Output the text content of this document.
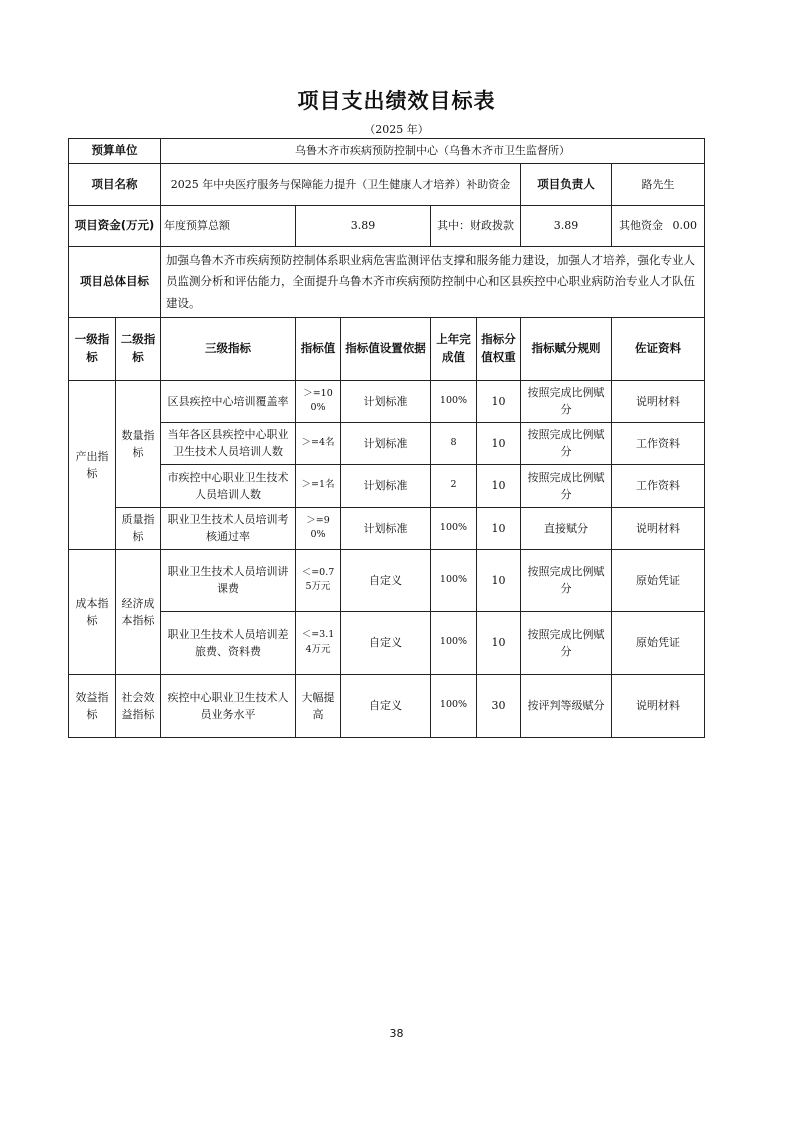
项目支出绩效目标表
（2025 年）
预算单位		乌鲁木齐市疾病预防控制中心（乌鲁木齐市卫生监督所）						
项目名称		2025 年中央医疗服务与保障能力提升（卫生健康人才培养）补助资金					项目负责人	路先生
项目资金(万元)		年度预算总额	3.89		其中：财政拨款		3.89	其他资金 0.00

项目总体目标		加强乌鲁木齐市疾病预防控制体系职业病危害监测评估支撑和服务能力建设，加强人才培养，强化专业人员监测分析和评估能力，全面提升乌鲁木齐市疾病预防控制中心和区县疾控中心职业病防治专业人才队伍建设。						
一级指标	二级指标	三级指标	指标值	指标值设置依据	上年完成值	指标分值权重	指标赋分规则	佐证资料
产出指标	数量指标	区县疾控中心培训覆盖率	＞=100%	计划标准	100%	10	按照完成比例赋分	说明材料
		当年各区县疾控中心职业卫生技术人员培训人数	＞=4名	计划标准	8	10	按照完成比例赋分	工作资料
		市疾控中心职业卫生技术人员培训人数	＞=1名	计划标准	2	10	按照完成比例赋分	工作资料
	质量指标	职业卫生技术人员培训考核通过率	＞=90%	计划标准	100%	10	直接赋分	说明材料
成本指标	经济成本指标	职业卫生技术人员培训讲课费	＜=0.75万元	自定义	100%	10	按照完成比例赋分	原始凭证
		职业卫生技术人员培训差旅费、资料费	＜=3.14万元	自定义	100%	10	按照完成比例赋分	原始凭证
效益指标	社会效益指标	疾控中心职业卫生技术人员业务水平	大幅提高	自定义	100%	30	按评判等级赋分	说明材料
38
